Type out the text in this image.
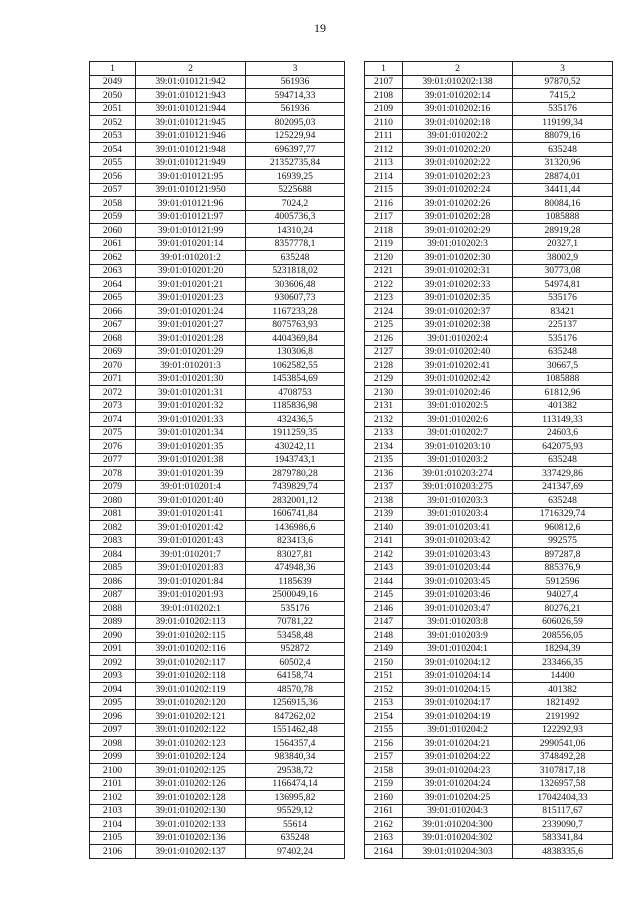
19
1	2	3
2049	39:01:010121:942	561936
2050	39:01:010121:943	594714,33
2051	39:01:010121:944	561936
2052	39:01:010121:945	802095,03
2053	39:01:010121:946	125229,94
2054	39:01:010121:948	696397,77
2055	39:01:010121:949	21352735,84
2056	39:01:010121:95	16939,25
2057	39:01:010121:950	5225688
2058	39:01:010121:96	7024,2
2059	39:01:010121:97	4005736,3
2060	39:01:010121:99	14310,24
2061	39:01:010201:14	8357778,1
2062	39:01:010201:2	635248
2063	39:01:010201:20	5231818,02
2064	39:01:010201:21	303606,48
2065	39:01:010201:23	930607,73
2066	39:01:010201:24	1167233,28
2067	39:01:010201:27	8075763,93
2068	39:01:010201:28	4404369,84
2069	39:01:010201:29	130306,8
2070	39:01:010201:3	1062582,55
2071	39:01:010201:30	1453854,69
2072	39:01:010201:31	4708753
2073	39:01:010201:32	1185836,98
2074	39:01:010201:33	432436,5
2075	39:01:010201:34	1911259,35
2076	39:01:010201:35	430242,11
2077	39:01:010201:38	1943743,1
2078	39:01:010201:39	2879780,28
2079	39:01:010201:4	7439829,74
2080	39:01:010201:40	2832001,12
2081	39:01:010201:41	1606741,84
2082	39:01:010201:42	1436986,6
2083	39:01:010201:43	823413,6
2084	39:01:010201:7	83027,81
2085	39:01:010201:83	474948,36
2086	39:01:010201:84	1185639
2087	39:01:010201:93	2500049,16
2088	39:01:010202:1	535176
2089	39:01:010202:113	70781,22
2090	39:01:010202:115	53458,48
2091	39:01:010202:116	952872
2092	39:01:010202:117	60502,4
2093	39:01:010202:118	64158,74
2094	39:01:010202:119	48570,78
2095	39:01:010202:120	1256915,36
2096	39:01:010202:121	847262,02
2097	39:01:010202:122	1551462,48
2098	39:01:010202:123	1564357,4
2099	39:01:010202:124	983840,34
2100	39:01:010202:125	29538,72
2101	39:01:010202:126	1166474,14
2102	39:01:010202:128	136995,82
2103	39:01:010202:130	95529,12
2104	39:01:010202:133	55614
2105	39:01:010202:136	635248
2106	39:01:010202:137	97402,24
1	2	3
2107	39:01:010202:138	97870,52
2108	39:01:010202:14	7415,2
2109	39:01:010202:16	535176
2110	39:01:010202:18	119199,34
2111	39:01:010202:2	88079,16
2112	39:01:010202:20	635248
2113	39:01:010202:22	31320,96
2114	39:01:010202:23	28874,01
2115	39:01:010202:24	34411,44
2116	39:01:010202:26	80084,16
2117	39:01:010202:28	1085888
2118	39:01:010202:29	28919,28
2119	39:01:010202:3	20327,1
2120	39:01:010202:30	38002,9
2121	39:01:010202:31	30773,08
2122	39:01:010202:33	54974,81
2123	39:01:010202:35	535176
2124	39:01:010202:37	83421
2125	39:01:010202:38	225137
2126	39:01:010202:4	535176
2127	39:01:010202:40	635248
2128	39:01:010202:41	30667,5
2129	39:01:010202:42	1085888
2130	39:01:010202:46	61812,96
2131	39:01:010202:5	401382
2132	39:01:010202:6	113149,33
2133	39:01:010202:7	24603,6
2134	39:01:010203:10	642075,93
2135	39:01:010203:2	635248
2136	39:01:010203:274	337429,86
2137	39:01:010203:275	241347,69
2138	39:01:010203:3	635248
2139	39:01:010203:4	1716329,74
2140	39:01:010203:41	960812,6
2141	39:01:010203:42	992575
2142	39:01:010203:43	897287,8
2143	39:01:010203:44	885376,9
2144	39:01:010203:45	5912596
2145	39:01:010203:46	94027,4
2146	39:01:010203:47	80276,21
2147	39:01:010203:8	606026,59
2148	39:01:010203:9	208556,05
2149	39:01:010204:1	18294,39
2150	39:01:010204:12	233466,35
2151	39:01:010204:14	14400
2152	39:01:010204:15	401382
2153	39:01:010204:17	1821492
2154	39:01:010204:19	2191992
2155	39:01:010204:2	122292,93
2156	39:01:010204:21	2990541,06
2157	39:01:010204:22	3748492,28
2158	39:01:010204:23	3107817,18
2159	39:01:010204:24	1326957,58
2160	39:01:010204:25	17042404,33
2161	39:01:010204:3	815117,67
2162	39:01:010204:300	2339090,7
2163	39:01:010204:302	583341,84
2164	39:01:010204:303	4838335,6
